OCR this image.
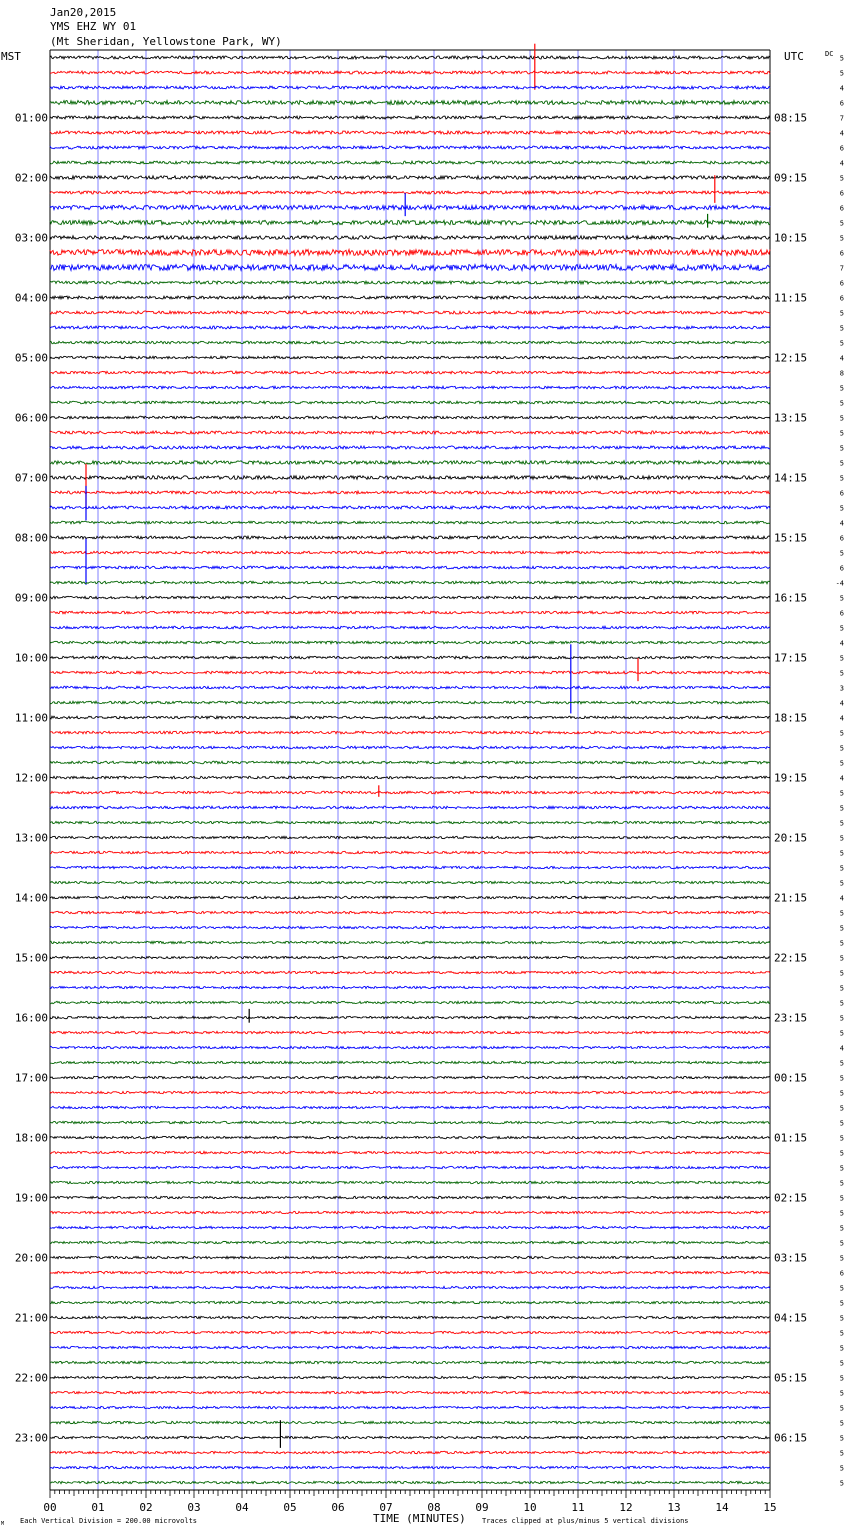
Jan20,2015
YMS EHZ WY 01
(Mt Sheridan, Yellowstone Park, WY)
MST	UTC	DC
TIME (MINUTES)
Each Vertical Division = 200.00 microvolts	Traces clipped at plus/minus 5 vertical divisions
M
00	01	02	03	04	05	06	07	08	09	10	11	12	13	14	15
01:00
02:00
03:00
04:00
05:00
06:00
07:00
08:00
09:00
10:00
11:00
12:00
13:00
14:00
15:00
16:00
17:00
18:00
19:00
20:00
21:00
22:00
23:00
08:15
09:15
10:15
11:15
12:15
13:15
14:15
15:15
16:15
17:15
18:15
19:15
20:15
21:15
22:15
23:15
00:15
01:15
02:15
03:15
04:15
05:15
06:15
5
5
4
6
7
4
6
4
5
6
6
5
5
6
7
6
6
5
5
5
4
8
5
5
5
5
5
5
5
6
5
4
6
5
6
-4
5
6
5
4
5
5
3
4
4
5
5
5
4
5
5
5
5
5
5
5
4
5
5
5
5
5
5
5
5
5
4
5
5
5
5
5
5
5
5
5
5
5
5
5
5
6
5
5
5
5
5
5
5
5
5
5
5
5
5
5
